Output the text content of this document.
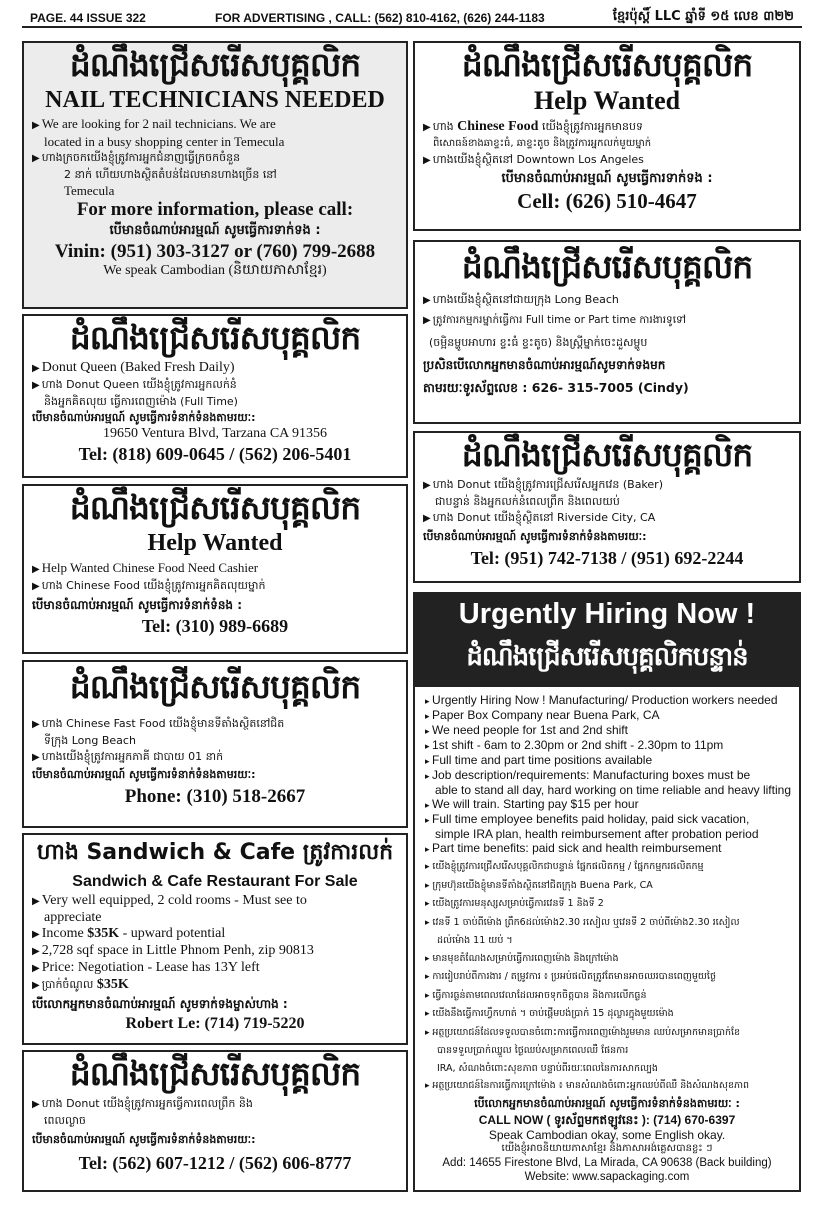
PAGE. 44 ISSUE 322	FOR ADVERTISING , CALL: (562) 810-4162, (626) 244-1183	ខ្មែរប៉ុស្តិ៍ LLC ឆ្នាំទី ១៥ លេខ ៣២២
ដំណឹងជ្រើសរើសបុគ្គលិក
NAIL TECHNICIANS NEEDED
▶ We are looking for 2 nail technicians. We are
located in a busy shopping center in Temecula
▶ ហាងក្រចកយើងខ្ញុំត្រូវការអ្នកជំនាញធ្វើក្រចកចំនួន
2 នាក់ ហើយហាងស្ថិតតំបន់ដែលមានហាងច្រើន នៅ
Temecula
For more information, please call:
បើមានចំណាប់អារម្មណ៍ សូមធ្វើការទាក់ទង :
Vinin: (951) 303-3127 or (760) 799-2688
We speak Cambodian (និយាយភាសាខ្មែរ)
ដំណឹងជ្រើសរើសបុគ្គលិក
▶ Donut Queen (Baked Fresh Daily)
▶ ហាង Donut Queen យើងខ្ញុំត្រូវការអ្នកលក់នំ
និងអ្នកគិតលុយ ធ្វើការពេញម៉ោង (Full Time)
បើមានចំណាប់អារម្មណ៍ សូមធ្វើការទំនាក់ទំនងតាមរយៈ:
19650 Ventura Blvd, Tarzana CA 91356
Tel: (818) 609-0645 / (562) 206-5401
ដំណឹងជ្រើសរើសបុគ្គលិក
Help Wanted
▶ Help Wanted Chinese Food Need Cashier
▶ ហាង Chinese Food យើងខ្ញុំត្រូវការអ្នកគិតលុយម្នាក់
បើមានចំណាប់អារម្មណ៍ សូមធ្វើការទំនាក់ទំនង :
Tel: (310) 989-6689
ដំណឹងជ្រើសរើសបុគ្គលិក
▶ ហាង Chinese Fast Food យើងខ្ញុំមានទីតាំងស្ថិតនៅជិត
ទីក្រុង Long Beach
▶ ហាងយើងខ្ញុំត្រូវការអ្នកភាគី ជាបាយ 01 នាក់
បើមានចំណាប់អារម្មណ៍ សូមធ្វើការទំនាក់ទំនងតាមរយៈ:
Phone: (310) 518-2667
ហាង Sandwich & Cafe ត្រូវការលក់
Sandwich & Cafe Restaurant For Sale
▶ Very well equipped, 2 cold rooms - Must see to
appreciate
▶ Income $35K - upward potential
▶ 2,728 sqf space in Little Phnom Penh, zip 90813
▶ Price: Negotiation - Lease has 13Y left
▶ ប្រាក់ចំណូល $35K
បើលោកអ្នកមានចំណាប់អារម្មណ៍ សូមទាក់ទងម្ចាស់ហាង :
Robert Le: (714) 719-5220
ដំណឹងជ្រើសរើសបុគ្គលិក
▶ ហាង Donut យើងខ្ញុំត្រូវការអ្នកធ្វើការពេលព្រឹក និង
ពេលល្ងាច
បើមានចំណាប់អារម្មណ៍ សូមធ្វើការទំនាក់ទំនងតាមរយៈ:
Tel: (562) 607-1212 / (562) 606-8777
ដំណឹងជ្រើសរើសបុគ្គលិក
Help Wanted
▶ ហាង Chinese Food យើងខ្ញុំត្រូវការអ្នកមានបទ
ពិសោធន៍ខាងឆាខ្ទះធំ, ឆាខ្ទះតូច និងត្រូវការអ្នកលក់មួយម្នាក់
▶ ហាងយើងខ្ញុំស្ថិតនៅ Downtown Los Angeles
បើមានចំណាប់អារម្មណ៍ សូមធ្វើការទាក់ទង :
Cell: (626) 510-4647
ដំណឹងជ្រើសរើសបុគ្គលិក
▶ ហាងយើងខ្ញុំស្ថិតនៅជាយក្រុង Long Beach
▶ ត្រូវការកម្មករម្នាក់ធ្វើការ Full time or Part time ការងារទូទៅ
(ចម្អិនម្ហូបអាហារ ខ្ទះធំ ខ្ទះតូច) និងស្ត្រីម្នាក់ចេះដួសម្ហូប
ប្រសិនបើលោកអ្នកមានចំណាប់អារម្មណ៍សូមទាក់ទងមក
តាមរយៈទូរស័ព្ទលេខ : 626- 315-7005 (Cindy)
ដំណឹងជ្រើសរើសបុគ្គលិក
▶ ហាង Donut យើងខ្ញុំត្រូវការជ្រើសរើសអ្នកវេន (Baker)
ជាបន្ទាន់ និងអ្នកលក់នំពេលព្រឹក និងពេលយប់
▶ ហាង Donut យើងខ្ញុំស្ថិតនៅ Riverside City, CA
បើមានចំណាប់អារម្មណ៍ សូមធ្វើការទំនាក់ទំនងតាមរយៈ:
Tel: (951) 742-7138 / (951) 692-2244
Urgently Hiring Now !
ដំណឹងជ្រើសរើសបុគ្គលិកបន្ទាន់
▸ Urgently Hiring Now ! Manufacturing/ Production workers needed
▸ Paper Box Company near Buena Park, CA
▸ We need people for 1st and 2nd shift
▸ 1st shift - 6am to 2.30pm or 2nd shift - 2.30pm to 11pm
▸ Full time and part time positions available
▸ Job description/requirements: Manufacturing boxes must be
able to stand all day, hard working on time reliable and heavy lifting
▸ We will train. Starting pay $15 per hour
▸ Full time employee benefits paid holiday, paid sick vacation,
simple IRA plan, health reimbursement after probation period
▸ Part time benefits: paid sick and health reimbursement
▸ យើងខ្ញុំត្រូវការជ្រើសរើសបុគ្គលិកជាបន្ទាន់ ផ្នែកផលិតកម្ម / ផ្នែកកម្មករផលិតកម្ម
▸ ក្រុមហ៊ុនយើងខ្ញុំមានទីតាំងស្ថិតនៅជិតក្រុង Buena Park, CA
▸ យើងត្រូវការមនុស្សសម្រាប់ធ្វើការវេនទី 1 និងទី 2
▸ វេនទី 1 ចាប់ពីម៉ោង ព្រឹក6ដល់ម៉ោង2.30 រសៀល ឬវេនទី 2 ចាប់ពីម៉ោង2.30 រសៀល
ដល់ម៉ោង 11 យប់ ។
▸ មានមុខតំណែងសម្រាប់ធ្វើការពេញម៉ោង និងក្រៅម៉ោង
▸ ការរៀបរាប់ពីការងារ / តម្រូវការ ៖ ប្រអប់ផលិតត្រូវតែមានអាចឈរបានពេញមួយថ្ងៃ
▸ ធ្វើការធ្ងន់តាមពេលវេលាដែលអាចទុកចិត្តបាន និងការលើកធ្ងន់
▸ យើងនឹងធ្វើការហ្វឹកហាត់ ។ ចាប់ផ្តើមបង់ប្រាក់ 15 ដុល្លារក្នុងមួយម៉ោង
▸ អត្ថប្រយោជន៍ដែលទទួលបានចំពោះការធ្វើការពេញម៉ោងរួមមាន ឈប់សម្រាកមានប្រាក់ខែ
បានទទួលប្រាក់ឈ្នួល ថ្ងៃឈប់សម្រាកពេលឈឺ ផែនការ
IRA, សំណងចំពោះសុខភាព បន្ទាប់ពីរយៈពេលនៃការសាកល្បង
▸ អត្ថប្រយោជន៍នៃការធ្វើការក្រៅម៉ោង ៖ មានសំណងចំពោះអ្នកឈប់ពីឈឺ និងសំណងសុខភាព
បើលោកអ្នកមានចំណាប់អារម្មណ៍ សូមធ្វើការទំនាក់ទំនងតាមរយៈ :
CALL NOW ( ទូរស័ព្ទមកឥឡូវនេះ ): (714) 670-6397
Speak Cambodian okay, some English okay.
យើងខ្ញុំអាចនិយាយភាសាខ្មែរ និងភាសាអង់គ្លេសបានខ្លះ ៗ
Add: 14655 Firestone Blvd, La Mirada, CA 90638 (Back building)
Website: www.sapackaging.com
